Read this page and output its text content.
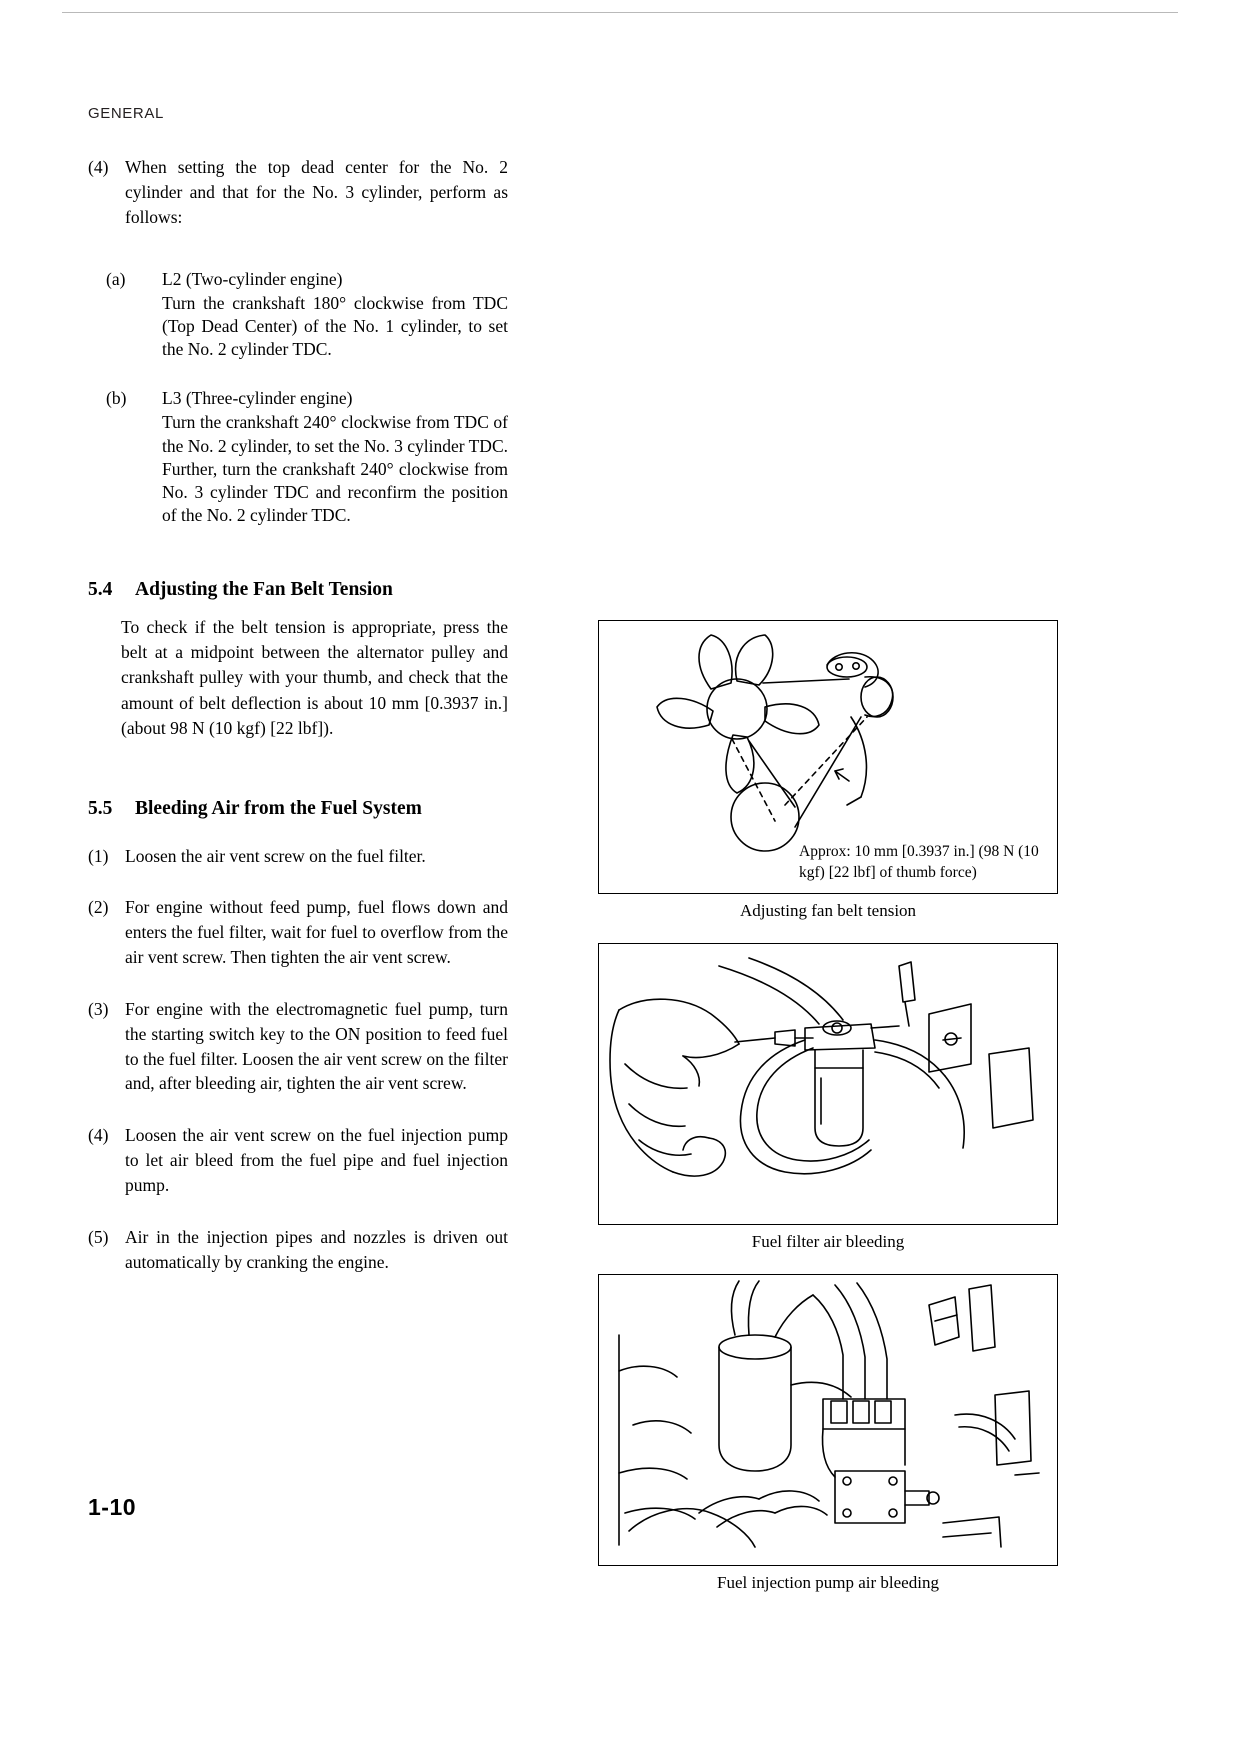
GENERAL
(4) When setting the top dead center for the No. 2 cylinder and that for the No. 3 cylinder, perform as follows:
(a)	L2 (Two-cylinder engine)
Turn the crankshaft 180° clockwise from TDC (Top Dead Center) of the No. 1 cylinder, to set the No. 2 cylinder TDC.
(b)	L3 (Three-cylinder engine)
Turn the crankshaft 240° clockwise from TDC of the No. 2 cylinder, to set the No. 3 cylinder TDC. Further, turn the crankshaft 240° clockwise from No. 3 cylinder TDC and reconfirm the position of the No. 2 cylinder TDC.
5.4	Adjusting the Fan Belt Tension
To check if the belt tension is appropriate, press the belt at a midpoint between the alternator pulley and crankshaft pulley with your thumb, and check that the amount of belt deflection is about 10 mm [0.3937 in.] (about 98 N (10 kgf) [22 lbf]).
5.5	Bleeding Air from the Fuel System
(1) Loosen the air vent screw on the fuel filter.
(2) For engine without feed pump, fuel flows down and enters the fuel filter, wait for fuel to overflow from the air vent screw. Then tighten the air vent screw.
(3) For engine with the electromagnetic fuel pump, turn the starting switch key to the ON position to feed fuel to the fuel filter. Loosen the air vent screw on the filter and, after bleeding air, tighten the air vent screw.
(4) Loosen the air vent screw on the fuel injection pump to let air bleed from the fuel pipe and fuel injection pump.
(5) Air in the injection pipes and nozzles is driven out automatically by cranking the engine.
Approx: 10 mm [0.3937 in.] (98 N (10 kgf) [22 lbf] of thumb force)
Adjusting fan belt tension
Fuel filter air bleeding
Fuel injection pump air bleeding
1-10
